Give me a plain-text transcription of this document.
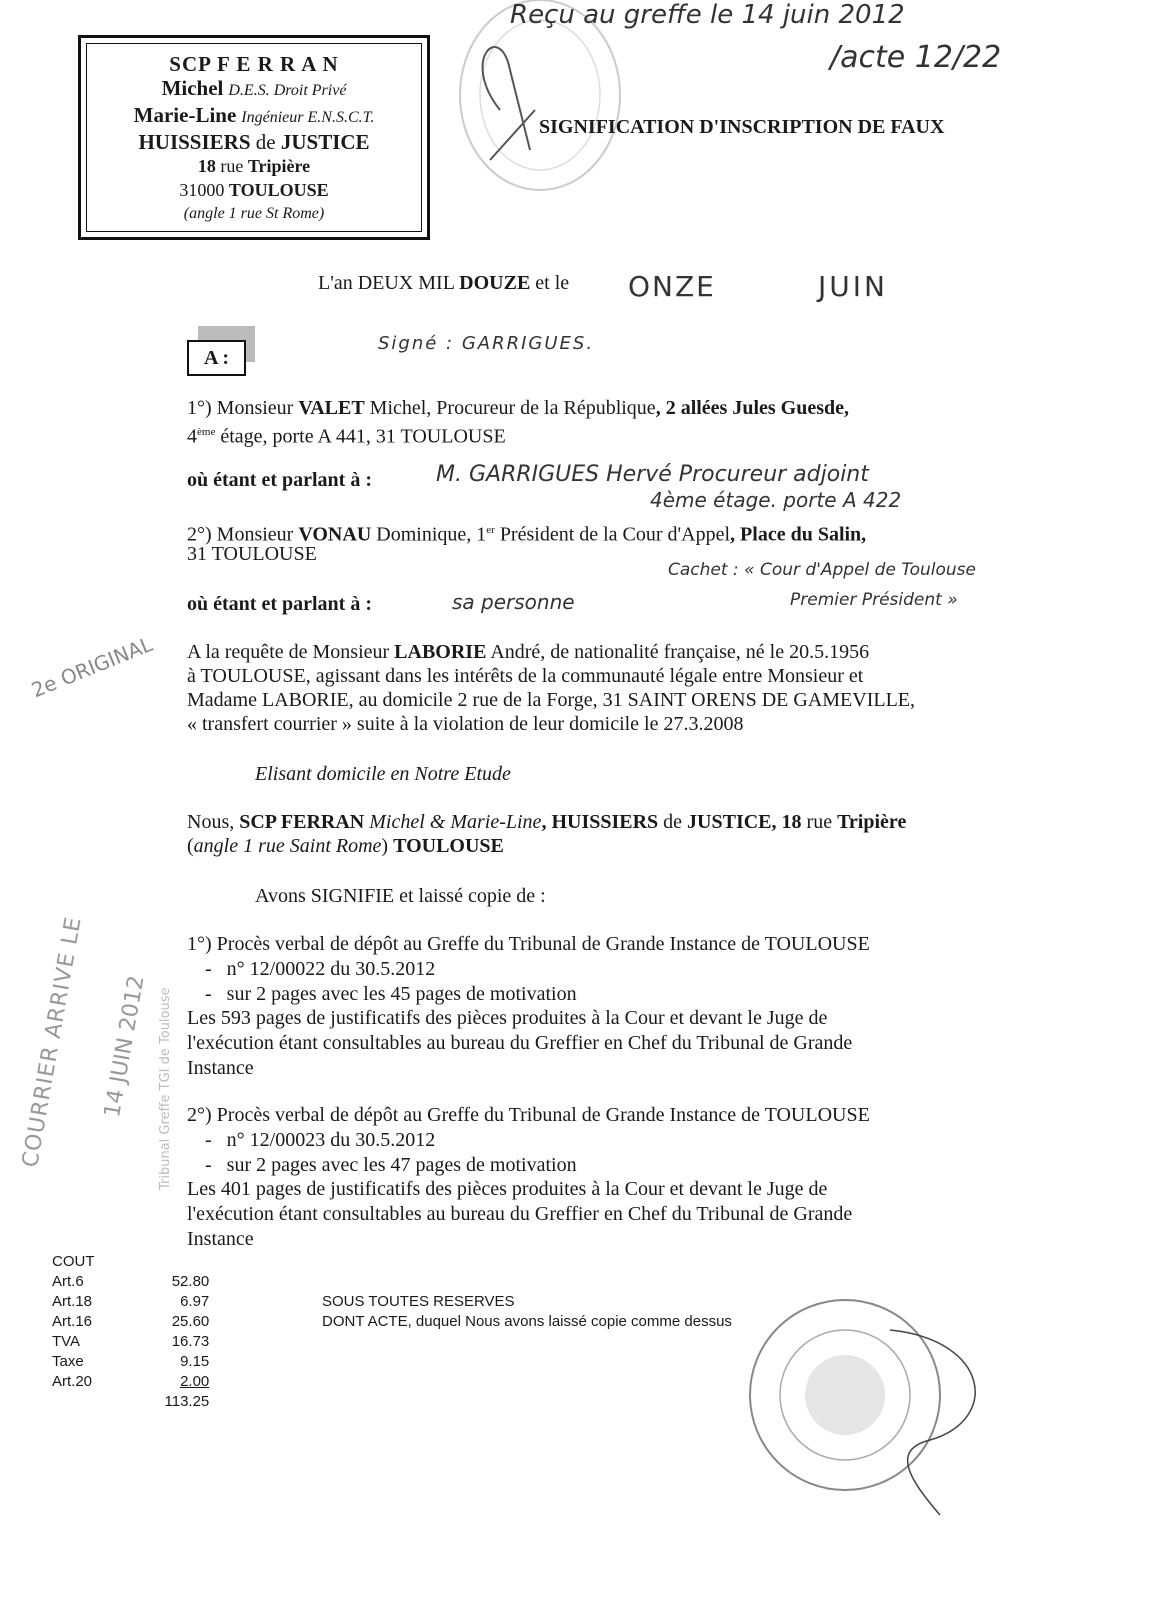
SCP F E R R A N
Michel D.E.S. Droit Privé
Marie-Line Ingénieur E.N.S.C.T.
HUISSIERS de JUSTICE
18 rue Tripière
31000 TOULOUSE
(angle 1 rue St Rome)
Reçu au greffe le 14 juin 2012
/acte 12/22
SIGNIFICATION D'INSCRIPTION DE FAUX
L'an DEUX MIL DOUZE et le ONZE	JUIN
A :
Signé : GARRIGUES.
1°) Monsieur VALET Michel, Procureur de la République, 2 allées Jules Guesde,
4ème étage, porte A 441, 31 TOULOUSE
où étant et parlant à :	M. GARRIGUES Hervé Procureur adjoint
4ème étage. porte A 422
2°) Monsieur VONAU Dominique, 1er Président de la Cour d'Appel, Place du Salin,
31 TOULOUSE
Cachet : « Cour d'Appel de Toulouse
Premier Président »
où étant et parlant à :	sa personne
2e ORIGINAL A la requête de Monsieur LABORIE André, de nationalité française, né le 20.5.1956
à TOULOUSE, agissant dans les intérêts de la communauté légale entre Monsieur et
Madame LABORIE, au domicile 2 rue de la Forge, 31 SAINT ORENS DE GAMEVILLE,
« transfert courrier » suite à la violation de leur domicile le 27.3.2008
Elisant domicile en Notre Etude
Nous, SCP FERRAN Michel & Marie-Line, HUISSIERS de JUSTICE, 18 rue Tripière
(angle 1 rue Saint Rome) TOULOUSE
Avons SIGNIFIE et laissé copie de :
COURRIER ARRIVE LE 14 JUIN 2012 Tribunal Greffe TGI de Toulouse
1°) Procès verbal de dépôt au Greffe du Tribunal de Grande Instance de TOULOUSE
-   n° 12/00022 du 30.5.2012
-   sur 2 pages avec les 45 pages de motivation
Les 593 pages de justificatifs des pièces produites à la Cour et devant le Juge de
l'exécution étant consultables au bureau du Greffier en Chef du Tribunal de Grande
Instance
2°) Procès verbal de dépôt au Greffe du Tribunal de Grande Instance de TOULOUSE
-   n° 12/00023 du 30.5.2012
-   sur 2 pages avec les 47 pages de motivation
Les 401 pages de justificatifs des pièces produites à la Cour et devant le Juge de
l'exécution étant consultables au bureau du Greffier en Chef du Tribunal de Grande
Instance
COUT	
Art.6	52.80
Art.18	6.97
Art.16	25.60
TVA	16.73
Taxe	9.15
Art.20	2.00
	113.25
SOUS TOUTES RESERVES
DONT ACTE, duquel Nous avons laissé copie comme dessus
